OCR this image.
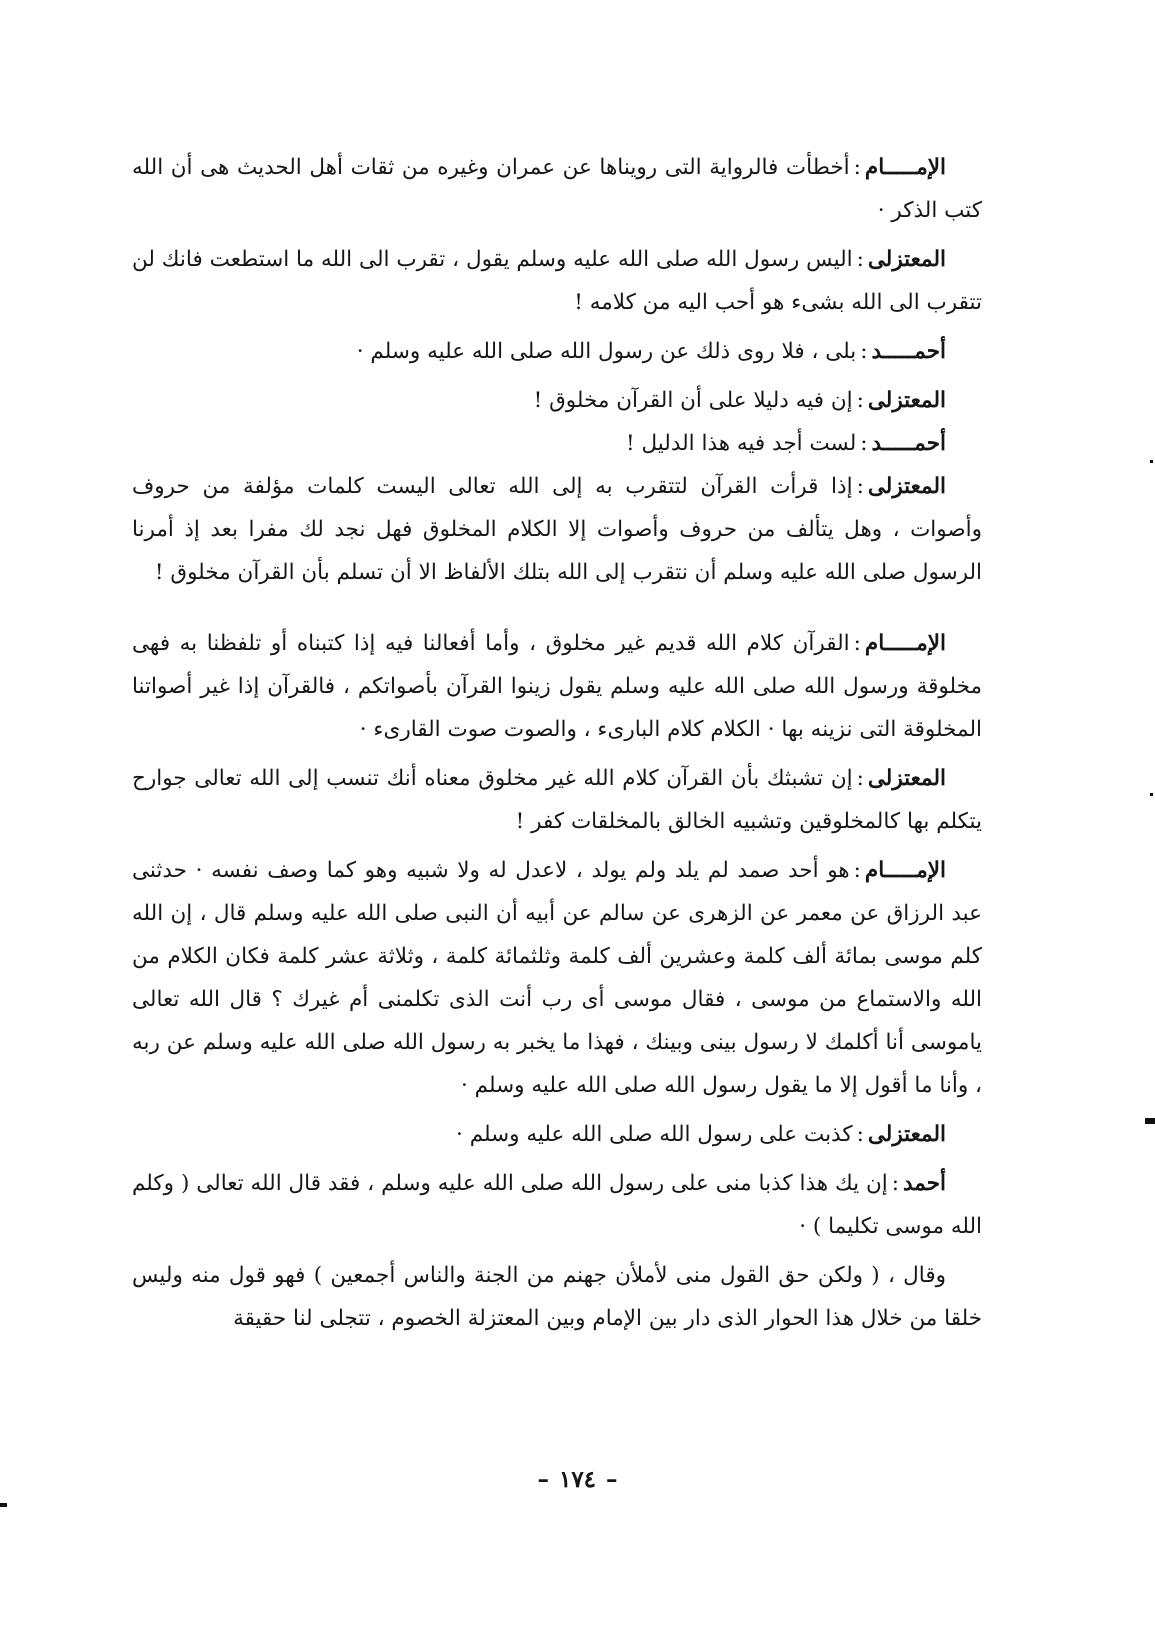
الإمـــــام:أخطأت فالرواية التى رويناها عن عمران وغيره من ثقات أهل الحديث هى أن الله كتب الذكر ·

المعتزلى:اليس رسول الله صلى الله عليه وسلم يقول ، تقرب الى الله ما استطعت فانك لن تتقرب الى الله بشىء هو أحب اليه من كلامه !

أحمـــــد:بلى ، فلا روى ذلك عن رسول الله صلى الله عليه وسلم ·

المعتزلى:إن فيه دليلا على أن القرآن مخلوق !

أحمـــــد:لست أجد فيه هذا الدليل !

المعتزلى:إذا قرأت القرآن لتتقرب به إلى الله تعالى اليست كلمات مؤلفة من حروف وأصوات ، وهل يتألف من حروف وأصوات إلا الكلام المخلوق فهل نجد لك مفرا بعد إذ أمرنا الرسول صلى الله عليه وسلم أن نتقرب إلى الله بتلك الألفاظ الا أن تسلم بأن القرآن مخلوق !

الإمـــــام:القرآن كلام الله قديم غير مخلوق ، وأما أفعالنا فيه إذا كتبناه أو تلفظنا به فهى مخلوقة ورسول الله صلى الله عليه وسلم يقول زينوا القرآن بأصواتكم ، فالقرآن إذا غير أصواتنا المخلوقة التى نزينه بها · الكلام كلام البارىء ، والصوت صوت القارىء ·

المعتزلى:إن تشبثك بأن القرآن كلام الله غير مخلوق معناه أنك تنسب إلى الله تعالى جوارح يتكلم بها كالمخلوقين وتشبيه الخالق بالمخلقات كفر !

الإمـــــام:هو أحد صمد لم يلد ولم يولد ، لاعدل له ولا شبيه وهو كما وصف نفسه · حدثنى عبد الرزاق عن معمر عن الزهرى عن سالم عن أبيه أن النبى صلى الله عليه وسلم قال ، إن الله كلم موسى بمائة ألف كلمة وعشرين ألف كلمة وثلثمائة كلمة ، وثلاثة عشر كلمة فكان الكلام من الله والاستماع من موسى ، فقال موسى أى رب أنت الذى تكلمنى أم غيرك ؟ قال الله تعالى ياموسى أنا أكلمك لا رسول بينى وبينك ، فهذا ما يخبر به رسول الله صلى الله عليه وسلم عن ربه ، وأنا ما أقول إلا ما يقول رسول الله صلى الله عليه وسلم ·

المعتزلى:كذبت على رسول الله صلى الله عليه وسلم ·

أحمد:إن يك هذا كذبا منى على رسول الله صلى الله عليه وسلم ، فقد قال الله تعالى ( وكلم الله موسى تكليما ) ·

وقال ، ( ولكن حق القول منى لأملأن جهنم من الجنة والناس أجمعين ) فهو قول منه وليس خلقا من خلال هذا الحوار الذى دار بين الإمام وبين المعتزلة الخصوم ، تتجلى لنا حقيقة

– ١٧٤ –
